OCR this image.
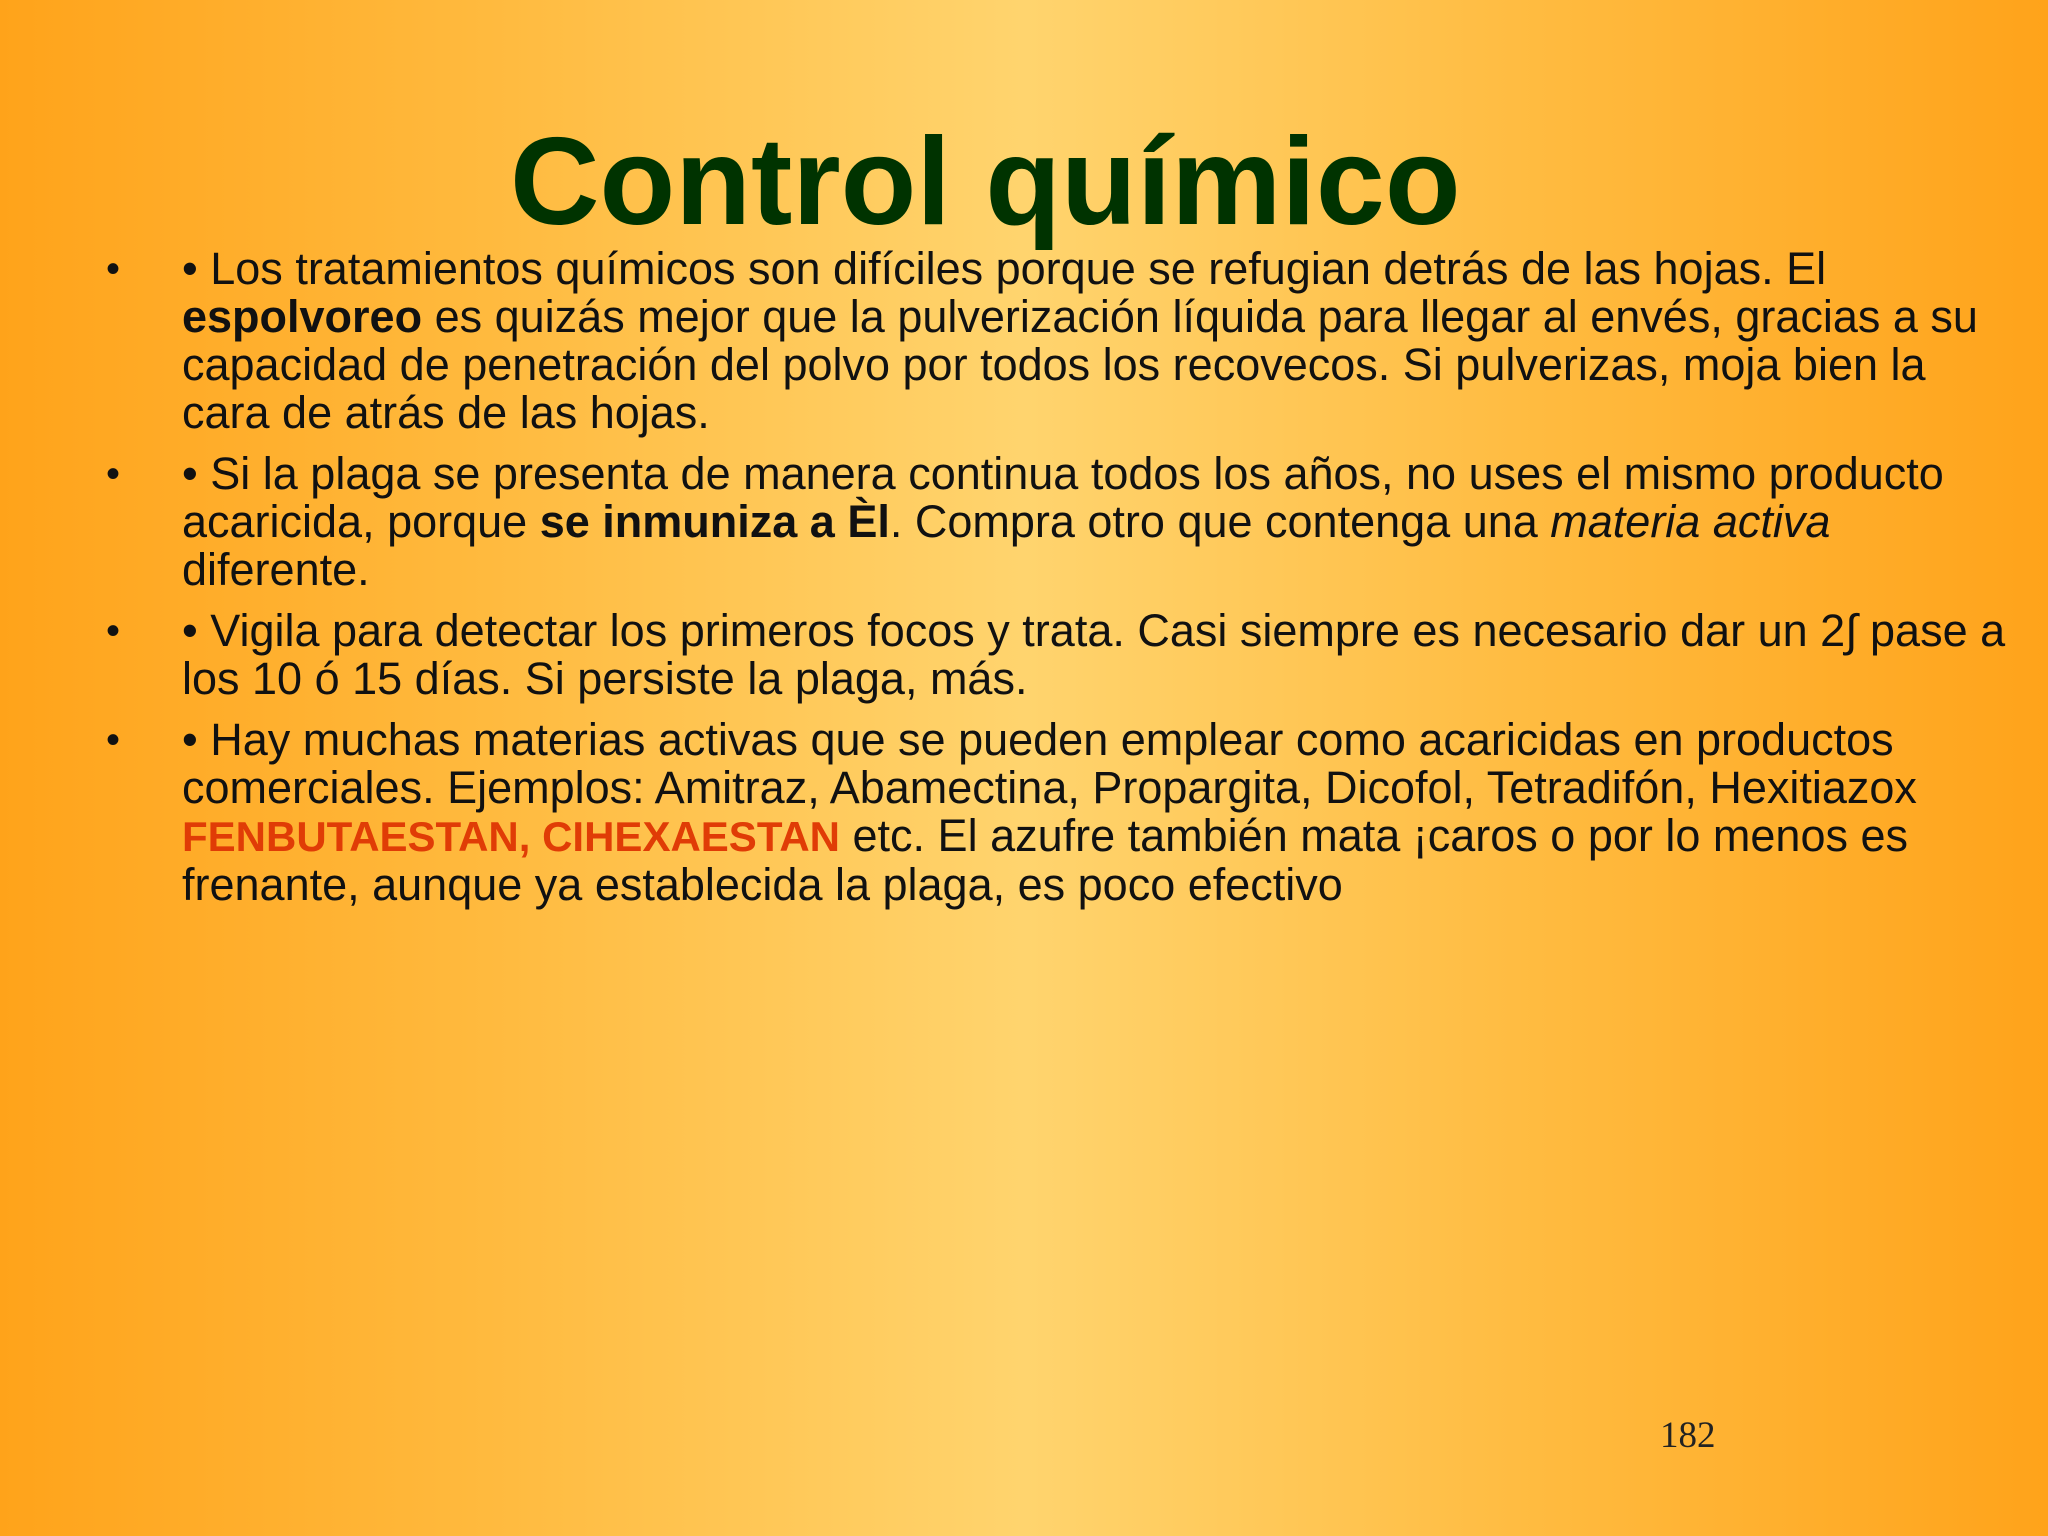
Control químico
• • Los tratamientos químicos son difíciles porque se refugian detrás de las hojas. El espolvoreo es quizás mejor que la pulverización líquida para llegar al envés, gracias a su capacidad de penetración del polvo por todos los recovecos. Si pulverizas, moja bien la cara de atrás de las hojas.
• • Si la plaga se presenta de manera continua todos los años, no uses el mismo producto acaricida, porque se inmuniza a Èl. Compra otro que contenga una materia activa diferente.
• • Vigila para detectar los primeros focos y trata. Casi siempre es necesario dar un 2∫ pase a los 10 ó 15 días. Si persiste la plaga, más.
• • Hay muchas materias activas que se pueden emplear como acaricidas en productos comerciales. Ejemplos: Amitraz, Abamectina, Propargita, Dicofol, Tetradifón, Hexitiazox FENBUTAESTAN, CIHEXAESTAN etc. El azufre también mata ¡caros o por lo menos es frenante, aunque ya establecida la plaga, es poco efectivo
182
